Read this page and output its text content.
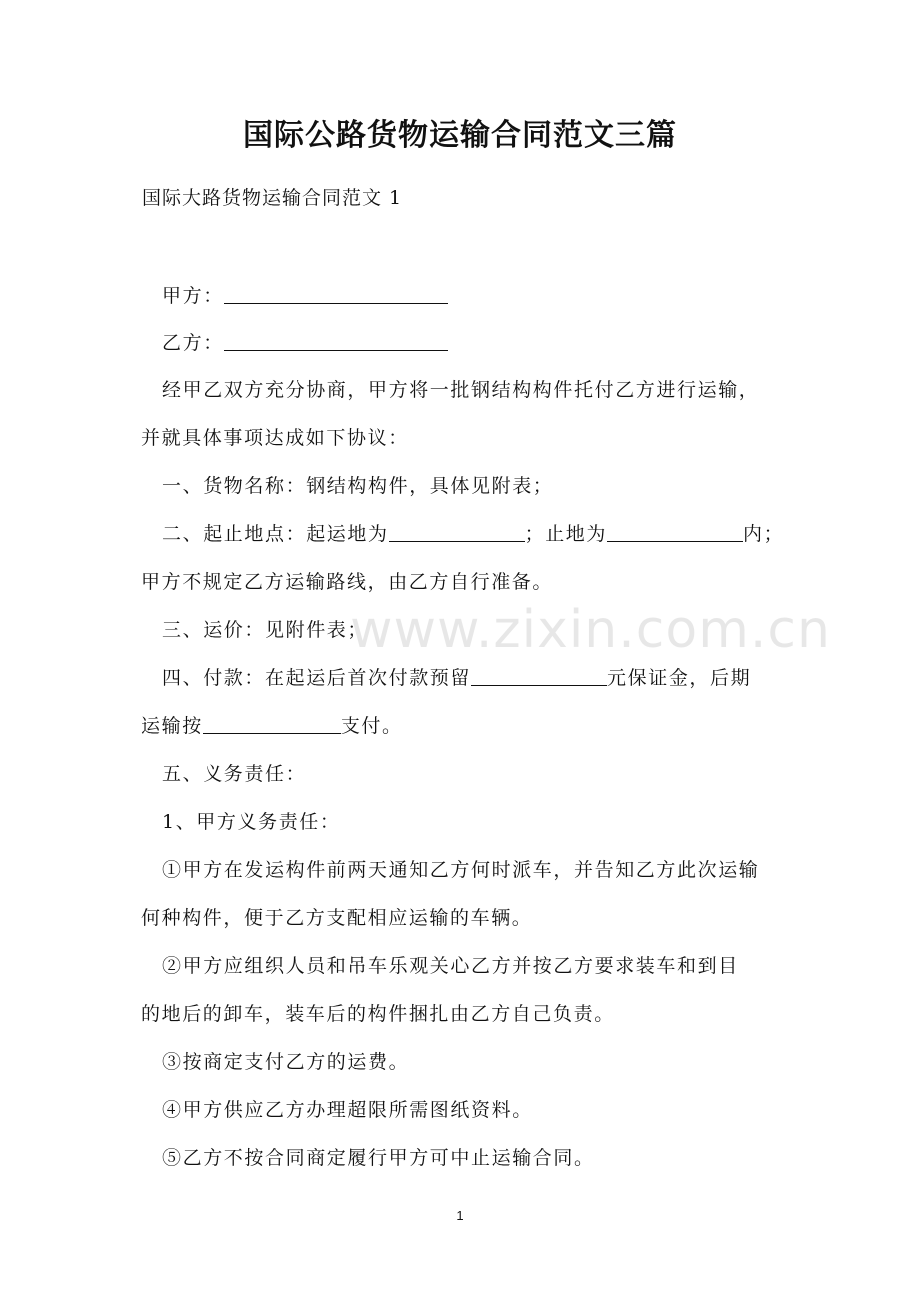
国际公路货物运输合同范文三篇
国际大路货物运输合同范文 1
甲方：
乙方：
经甲乙双方充分协商，甲方将一批钢结构构件托付乙方进行运输，
并就具体事项达成如下协议：
一、货物名称：钢结构构件，具体见附表；
二、起止地点：起运地为	；止地为	内；
甲方不规定乙方运输路线，由乙方自行准备。
三、运价：见附件表；
四、付款：在起运后首次付款预留	元保证金，后期
运输按	支付。
五、义务责任：
1、甲方义务责任：
①甲方在发运构件前两天通知乙方何时派车，并告知乙方此次运输
何种构件，便于乙方支配相应运输的车辆。
②甲方应组织人员和吊车乐观关心乙方并按乙方要求装车和到目
的地后的卸车，装车后的构件捆扎由乙方自己负责。
③按商定支付乙方的运费。
④甲方供应乙方办理超限所需图纸资料。
⑤乙方不按合同商定履行甲方可中止运输合同。
www.zixin.com.cn
1
